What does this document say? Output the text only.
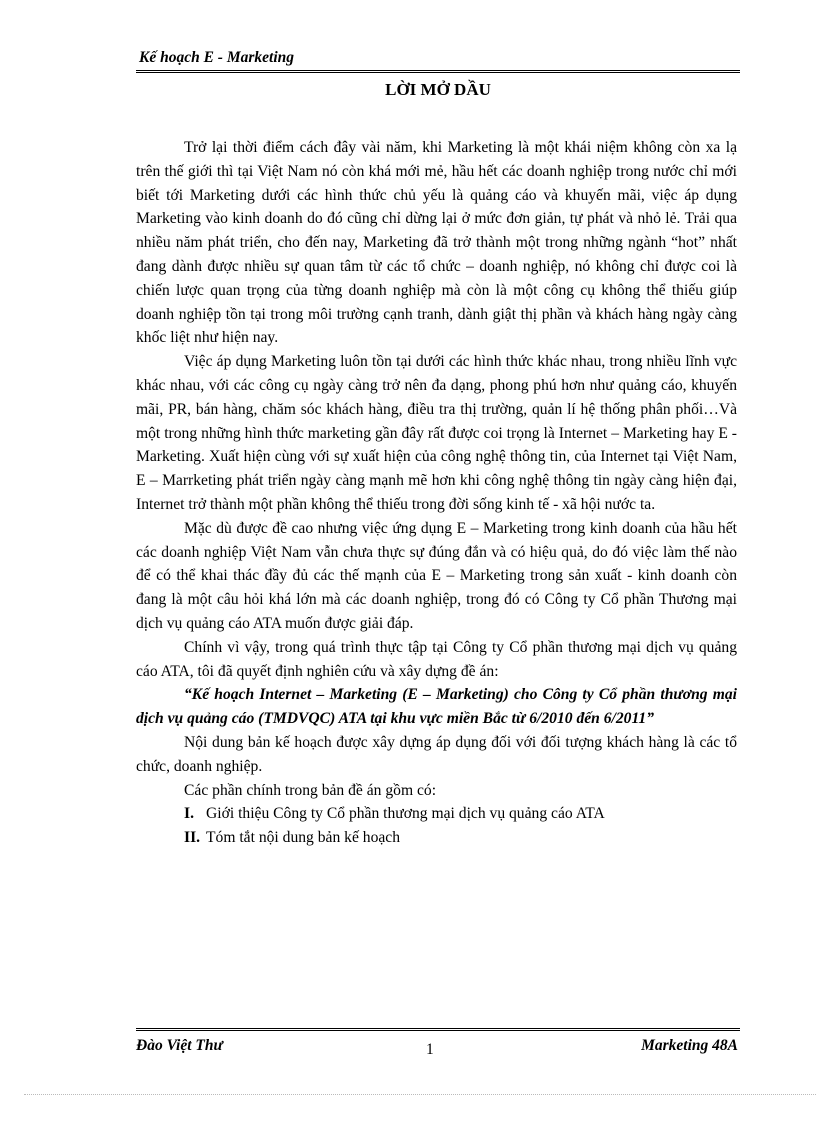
Kế hoạch E - Marketing
LỜI MỞ DẦU

Trở lại thời điểm cách đây vài năm, khi Marketing là một khái niệm không còn xa lạ trên thế giới thì tại Việt Nam nó còn khá mới mẻ, hầu hết các doanh nghiệp trong nước chỉ mới biết tới Marketing dưới các hình thức chủ yếu là quảng cáo và khuyến mãi, việc áp dụng Marketing vào kinh doanh do đó cũng chỉ dừng lại ở mức đơn giản, tự phát và nhỏ lẻ. Trải qua nhiều năm phát triển, cho đến nay, Marketing đã trở thành một trong những ngành “hot” nhất đang dành được nhiều sự quan tâm từ các tổ chức – doanh nghiệp, nó không chỉ được coi là chiến lược quan trọng của từng doanh nghiệp mà còn là một công cụ không thể thiếu giúp doanh nghiệp tồn tại trong môi trường cạnh tranh, dành giật thị phần và khách hàng ngày càng khốc liệt như hiện nay.

Việc áp dụng Marketing luôn tồn tại dưới các hình thức khác nhau, trong nhiều lĩnh vực khác nhau, với các công cụ ngày càng trở nên đa dạng, phong phú hơn như quảng cáo, khuyến mãi, PR, bán hàng, chăm sóc khách hàng, điều tra thị trường, quản lí hệ thống phân phối…Và một trong những hình thức marketing gần đây rất được coi trọng là Internet – Marketing hay E - Marketing. Xuất hiện cùng với sự xuất hiện của công nghệ thông tin, của Internet tại Việt Nam, E – Marrketing phát triển ngày càng mạnh mẽ hơn khi công nghệ thông tin ngày càng hiện đại, Internet trở thành một phần không thể thiếu trong đời sống kinh tế - xã hội nước ta.

Mặc dù được đề cao nhưng việc ứng dụng E – Marketing trong kinh doanh của hầu hết các doanh nghiệp Việt Nam vẫn chưa thực sự đúng đắn và có hiệu quả, do đó việc làm thế nào để có thể khai thác đầy đủ các thế mạnh của E – Marketing trong sản xuất - kinh doanh còn đang là một câu hỏi khá lớn mà các doanh nghiệp, trong đó có Công ty Cổ phần Thương mại dịch vụ quảng cáo ATA muốn được giải đáp.

Chính vì vậy, trong quá trình thực tập tại Công ty Cổ phần thương mại dịch vụ quảng cáo ATA, tôi đã quyết định nghiên cứu và xây dựng đề án:

“Kế hoạch Internet – Marketing (E – Marketing) cho Công ty Cổ phần thương mại dịch vụ quảng cáo (TMDVQC) ATA tại khu vực miền Bắc từ 6/2010 đến 6/2011”

Nội dung bản kế hoạch được xây dựng áp dụng đối với đối tượng khách hàng là các tổ chức, doanh nghiệp.

Các phần chính trong bản đề án gồm có:

I. Giới thiệu Công ty Cổ phần thương mại dịch vụ quảng cáo ATA
II. Tóm tắt nội dung bản kế hoạch
Đào Việt Thư	1	Marketing 48A
